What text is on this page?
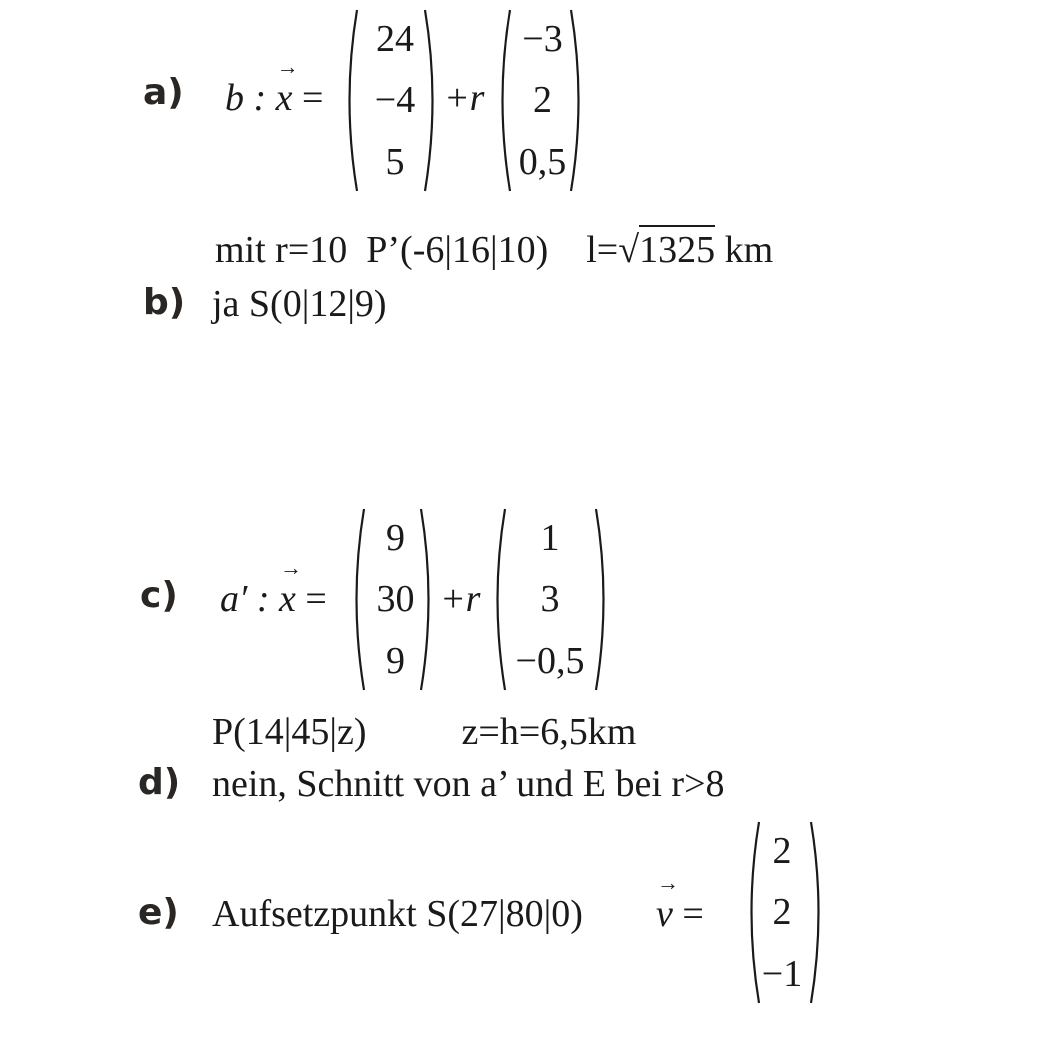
a) b : → x =
24
−4
5
+r
−3
2
0,5
mit r=10 P’(-6|16|10) l=√1325 km
b) ja S(0|12|9)
c) a′ : → x =
9
30
9
+r
1
3
−0,5
P(14|45|z)	z=h=6,5km
d) nein, Schnitt von a’ und E bei r>8
e) Aufsetzpunkt S(27|80|0) → v =
2
2
−1
